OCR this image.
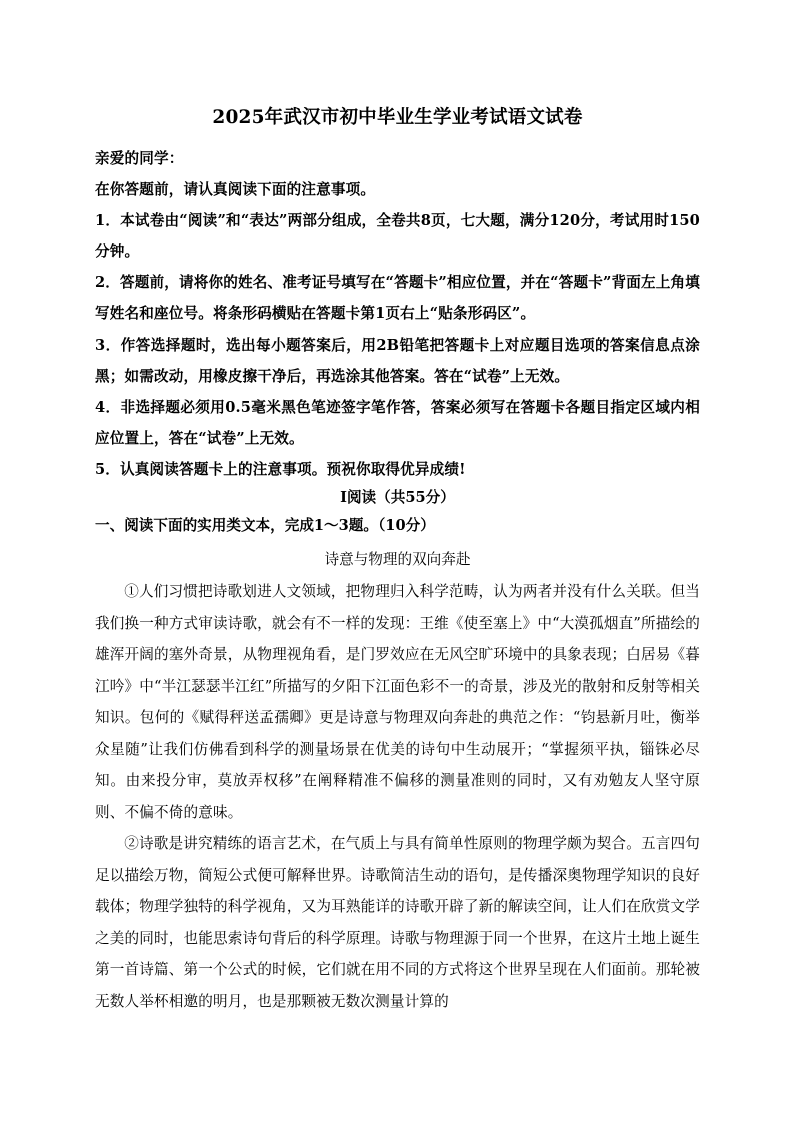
2025年武汉市初中毕业生学业考试语文试卷

亲爱的同学：

在你答题前，请认真阅读下面的注意事项。

1．本试卷由“阅读”和“表达”两部分组成，全卷共8页，七大题，满分120分，考试用时150分钟。

2．答题前，请将你的姓名、准考证号填写在“答题卡”相应位置，并在“答题卡”背面左上角填写姓名和座位号。将条形码横贴在答题卡第1页右上“贴条形码区”。

3．作答选择题时，选出每小题答案后，用2B铅笔把答题卡上对应题目选项的答案信息点涂黑；如需改动，用橡皮擦干净后，再选涂其他答案。答在“试卷”上无效。

4．非选择题必须用0.5毫米黑色笔迹签字笔作答，答案必须写在答题卡各题目指定区域内相应位置上，答在“试卷”上无效。

5．认真阅读答题卡上的注意事项。预祝你取得优异成绩!

Ⅰ阅读（共55分）
一、阅读下面的实用类文本，完成1～3题。（10分）
诗意与物理的双向奔赴

①人们习惯把诗歌划进人文领域，把物理归入科学范畴，认为两者并没有什么关联。但当我们换一种方式审读诗歌，就会有不一样的发现：王维《使至塞上》中“大漠孤烟直”所描绘的雄浑开阔的塞外奇景，从物理视角看，是门罗效应在无风空旷环境中的具象表现；白居易《暮江吟》中“半江瑟瑟半江红”所描写的夕阳下江面色彩不一的奇景，涉及光的散射和反射等相关知识。包何的《赋得秤送孟孺卿》更是诗意与物理双向奔赴的典范之作：“钧悬新月吐，衡举众星随”让我们仿佛看到科学的测量场景在优美的诗句中生动展开；“掌握须平执，锱铢必尽知。由来投分审，莫放弄权移”在阐释精准不偏移的测量准则的同时，又有劝勉友人坚守原则、不偏不倚的意味。

②诗歌是讲究精练的语言艺术，在气质上与具有简单性原则的物理学颇为契合。五言四句足以描绘万物，简短公式便可解释世界。诗歌简洁生动的语句，是传播深奥物理学知识的良好载体；物理学独特的科学视角，又为耳熟能详的诗歌开辟了新的解读空间，让人们在欣赏文学之美的同时，也能思索诗句背后的科学原理。诗歌与物理源于同一个世界，在这片土地上诞生第一首诗篇、第一个公式的时候，它们就在用不同的方式将这个世界呈现在人们面前。那轮被无数人举杯相邀的明月，也是那颗被无数次测量计算的
